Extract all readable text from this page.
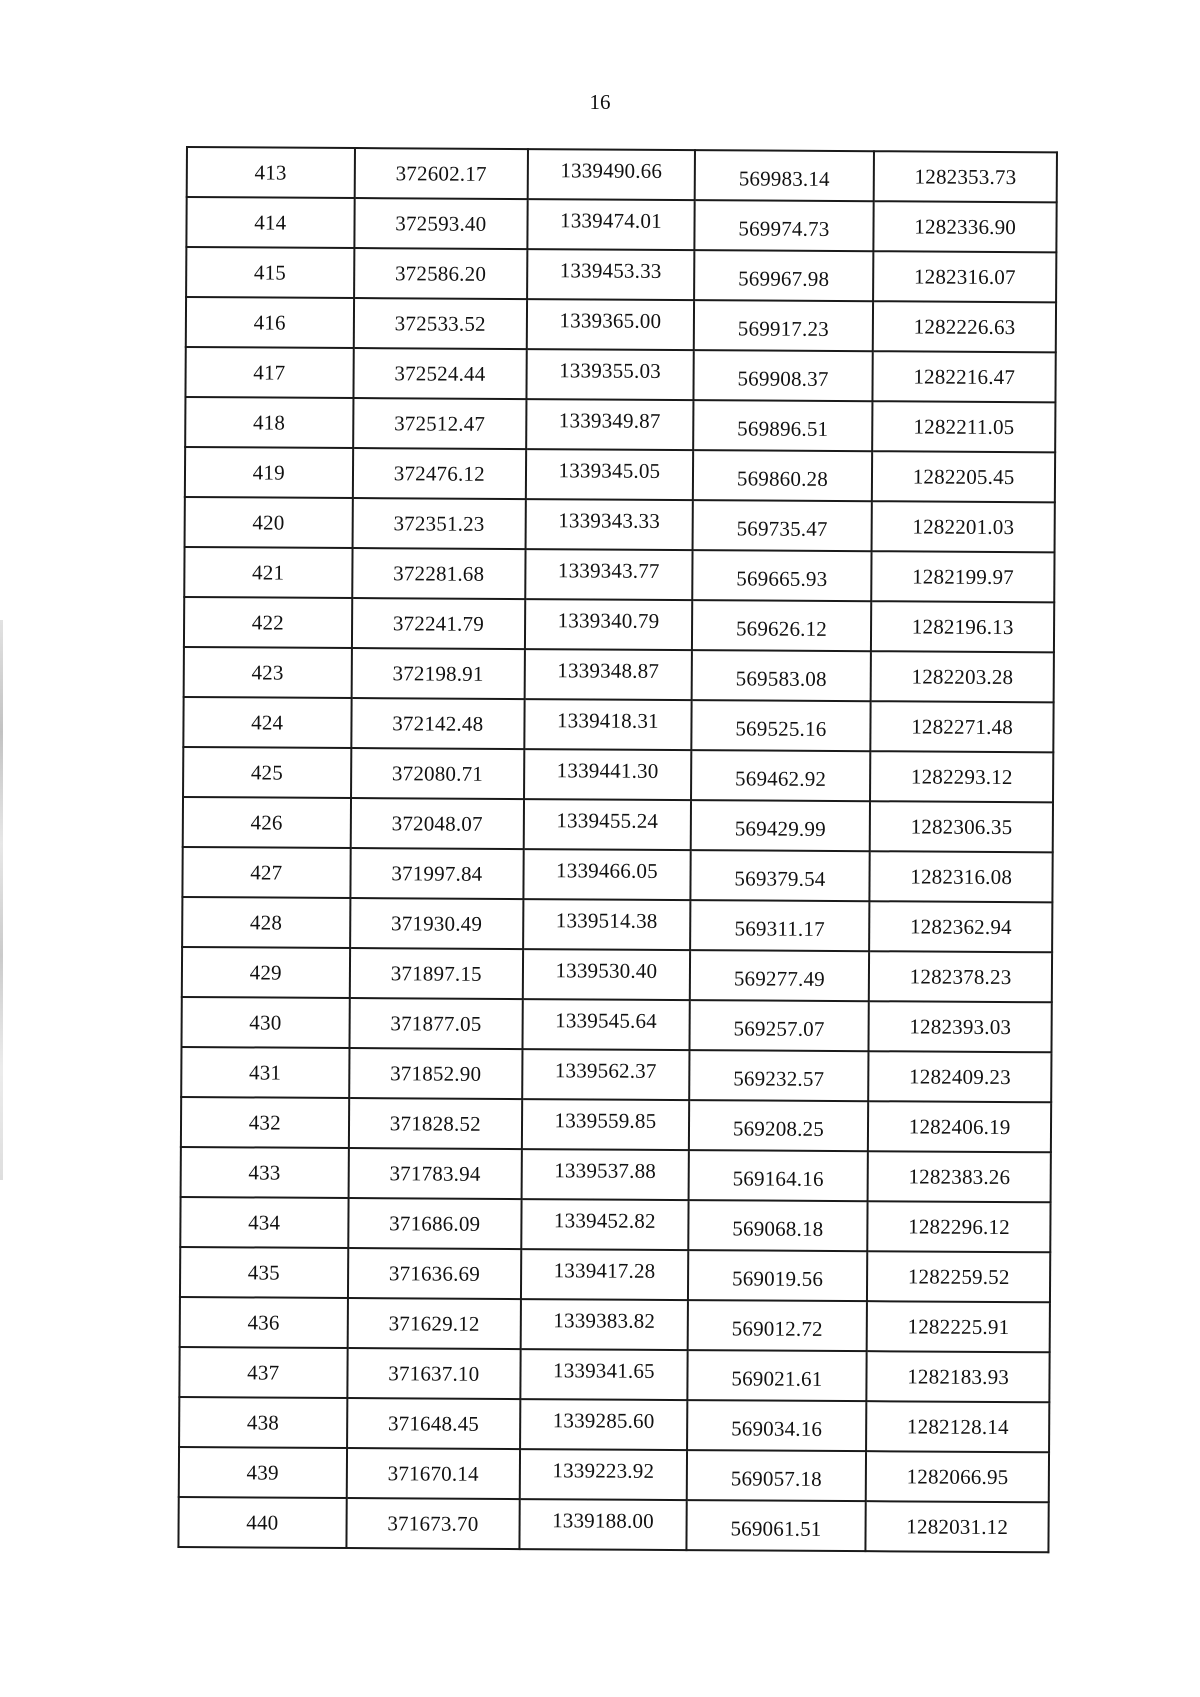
16
413	372602.17	1339490.66	569983.14	1282353.73
414	372593.40	1339474.01	569974.73	1282336.90
415	372586.20	1339453.33	569967.98	1282316.07
416	372533.52	1339365.00	569917.23	1282226.63
417	372524.44	1339355.03	569908.37	1282216.47
418	372512.47	1339349.87	569896.51	1282211.05
419	372476.12	1339345.05	569860.28	1282205.45
420	372351.23	1339343.33	569735.47	1282201.03
421	372281.68	1339343.77	569665.93	1282199.97
422	372241.79	1339340.79	569626.12	1282196.13
423	372198.91	1339348.87	569583.08	1282203.28
424	372142.48	1339418.31	569525.16	1282271.48
425	372080.71	1339441.30	569462.92	1282293.12
426	372048.07	1339455.24	569429.99	1282306.35
427	371997.84	1339466.05	569379.54	1282316.08
428	371930.49	1339514.38	569311.17	1282362.94
429	371897.15	1339530.40	569277.49	1282378.23
430	371877.05	1339545.64	569257.07	1282393.03
431	371852.90	1339562.37	569232.57	1282409.23
432	371828.52	1339559.85	569208.25	1282406.19
433	371783.94	1339537.88	569164.16	1282383.26
434	371686.09	1339452.82	569068.18	1282296.12
435	371636.69	1339417.28	569019.56	1282259.52
436	371629.12	1339383.82	569012.72	1282225.91
437	371637.10	1339341.65	569021.61	1282183.93
438	371648.45	1339285.60	569034.16	1282128.14
439	371670.14	1339223.92	569057.18	1282066.95
440	371673.70	1339188.00	569061.51	1282031.12
